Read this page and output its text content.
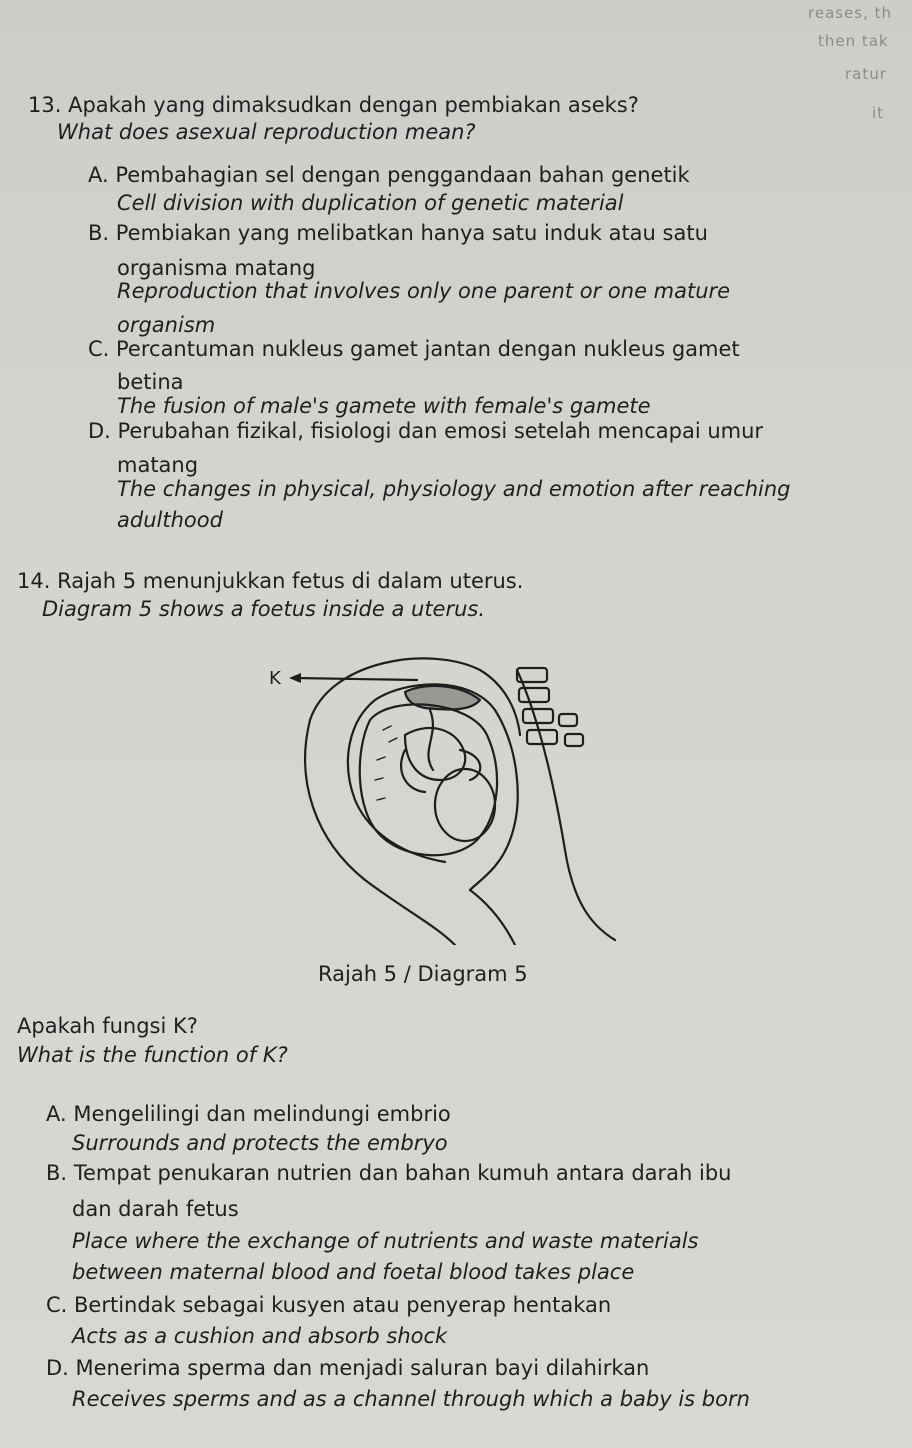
reases, th
then tak
ratur
it
13. Apakah yang dimaksudkan dengan pembiakan aseks?
What does asexual reproduction mean?
A. Pembahagian sel dengan penggandaan bahan genetik
Cell division with duplication of genetic material
B. Pembiakan yang melibatkan hanya satu induk atau satu
organisma matang
Reproduction that involves only one parent or one mature
organism
C. Percantuman nukleus gamet jantan dengan nukleus gamet
betina
The fusion of male's gamete with female's gamete
D. Perubahan fizikal, fisiologi dan emosi setelah mencapai umur
matang
The changes in physical, physiology and emotion after reaching
adulthood
14. Rajah 5 menunjukkan fetus di dalam uterus.
Diagram 5 shows a foetus inside a uterus.
K
Rajah 5 / Diagram 5
Apakah fungsi K?
What is the function of K?
A. Mengelilingi dan melindungi embrio
Surrounds and protects the embryo
B. Tempat penukaran nutrien dan bahan kumuh antara darah ibu
dan darah fetus
Place where the exchange of nutrients and waste materials
between maternal blood and foetal blood takes place
C. Bertindak sebagai kusyen atau penyerap hentakan
Acts as a cushion and absorb shock
D. Menerima sperma dan menjadi saluran bayi dilahirkan
Receives sperms and as a channel through which a baby is born
